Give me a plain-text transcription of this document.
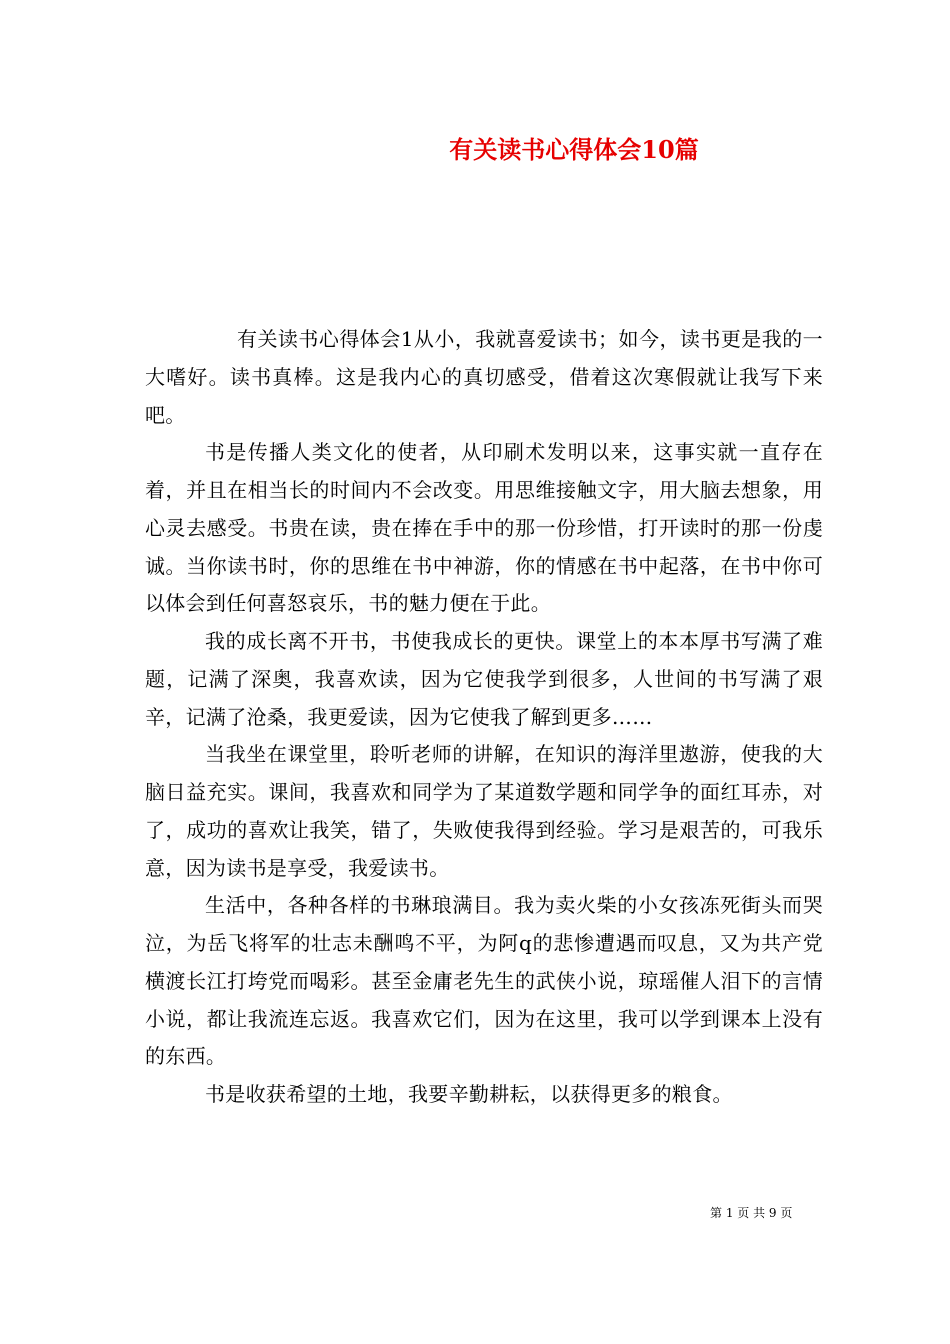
有关读书心得体会10篇

有关读书心得体会1从小，我就喜爱读书；如今，读书更是我的一大嗜好。读书真棒。这是我内心的真切感受，借着这次寒假就让我写下来吧。

书是传播人类文化的使者，从印刷术发明以来，这事实就一直存在着，并且在相当长的时间内不会改变。用思维接触文字，用大脑去想象，用心灵去感受。书贵在读，贵在捧在手中的那一份珍惜，打开读时的那一份虔诚。当你读书时，你的思维在书中神游，你的情感在书中起落，在书中你可以体会到任何喜怒哀乐，书的魅力便在于此。

我的成长离不开书，书使我成长的更快。课堂上的本本厚书写满了难题，记满了深奥，我喜欢读，因为它使我学到很多，人世间的书写满了艰辛，记满了沧桑，我更爱读，因为它使我了解到更多……

当我坐在课堂里，聆听老师的讲解，在知识的海洋里遨游，使我的大脑日益充实。课间，我喜欢和同学为了某道数学题和同学争的面红耳赤，对了，成功的喜欢让我笑，错了，失败使我得到经验。学习是艰苦的，可我乐意，因为读书是享受，我爱读书。

生活中，各种各样的书琳琅满目。我为卖火柴的小女孩冻死街头而哭泣，为岳飞将军的壮志未酬鸣不平，为阿q的悲惨遭遇而叹息，又为共产党横渡长江打垮党而喝彩。甚至金庸老先生的武侠小说，琼瑶催人泪下的言情小说，都让我流连忘返。我喜欢它们，因为在这里，我可以学到课本上没有的东西。

书是收获希望的土地，我要辛勤耕耘，以获得更多的粮食。

第 1 页 共 9 页
